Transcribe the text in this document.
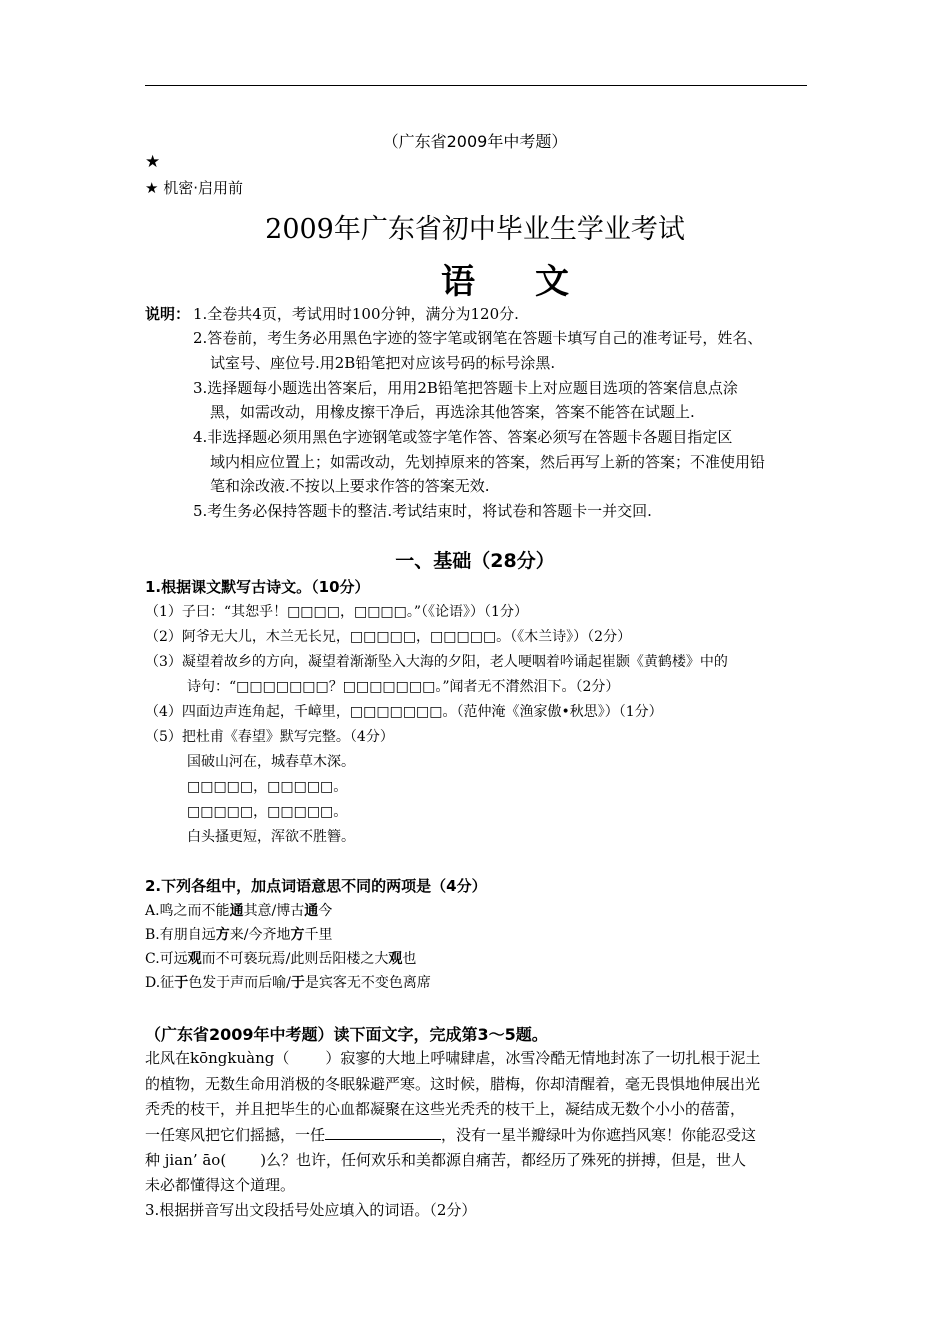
（广东省2009年中考题）
★
★ 机密·启用前
2009年广东省初中毕业生学业考试
语文
说明： 1.全卷共4页，考试用时100分钟，满分为120分.
2.答卷前，考生务必用黑色字迹的签字笔或钢笔在答题卡填写自己的准考证号，姓名、
试室号、座位号.用2B铅笔把对应该号码的标号涂黑.
3.选择题每小题选出答案后，用用2B铅笔把答题卡上对应题目选项的答案信息点涂
黑，如需改动，用橡皮擦干净后，再选涂其他答案，答案不能答在试题上.
4.非选择题必须用黑色字迹钢笔或签字笔作答、答案必须写在答题卡各题目指定区
域内相应位置上；如需改动，先划掉原来的答案，然后再写上新的答案；不准使用铅
笔和涂改液.不按以上要求作答的答案无效.
5.考生务必保持答题卡的整洁.考试结束时，将试卷和答题卡一并交回.
一、基础（28分）
1.根据课文默写古诗文。（10分）
（1）子曰：“其恕乎！□□□□，□□□□。”（《论语》）（1分）
（2）阿爷无大儿，木兰无长兄，□□□□□，□□□□□。（《木兰诗》）（2分）
（3）凝望着故乡的方向，凝望着渐渐坠入大海的夕阳，老人哽咽着吟诵起崔颢《黄鹤楼》中的
诗句：“□□□□□□□？□□□□□□□。”闻者无不潸然泪下。（2分）
（4）四面边声连角起，千嶂里，□□□□□□□。（范仲淹《渔家傲•秋思》）（1分）
（5）把杜甫《春望》默写完整。（4分）
国破山河在，城春草木深。
□□□□□，□□□□□。
□□□□□，□□□□□。
白头搔更短，浑欲不胜簪。
2.下列各组中，加点词语意思不同的两项是（4分）
A.鸣之而不能通其意/博古通今
B.有朋自远方来/今齐地方千里
C.可远观而不可亵玩焉/此则岳阳楼之大观也
D.征于色发于声而后喻/于是宾客无不变色离席
（广东省2009年中考题）读下面文字，完成第3～5题。
北风在kōngkuàng（ ）寂寥的大地上呼啸肆虐，冰雪冷酷无情地封冻了一切扎根于泥土
的植物，无数生命用消极的冬眠躲避严寒。这时候，腊梅，你却清醒着，毫无畏惧地伸展出光
秃秃的枝干，并且把毕生的心血都凝聚在这些光秃秃的枝干上，凝结成无数个小小的蓓蕾，
一任寒风把它们摇撼，一任	，没有一星半瓣绿叶为你遮挡风寒！你能忍受这
种 jian’ āo( )么？也许，任何欢乐和美都源自痛苦，都经历了殊死的拼搏，但是，世人
未必都懂得这个道理。
3.根据拼音写出文段括号处应填入的词语。（2分）
